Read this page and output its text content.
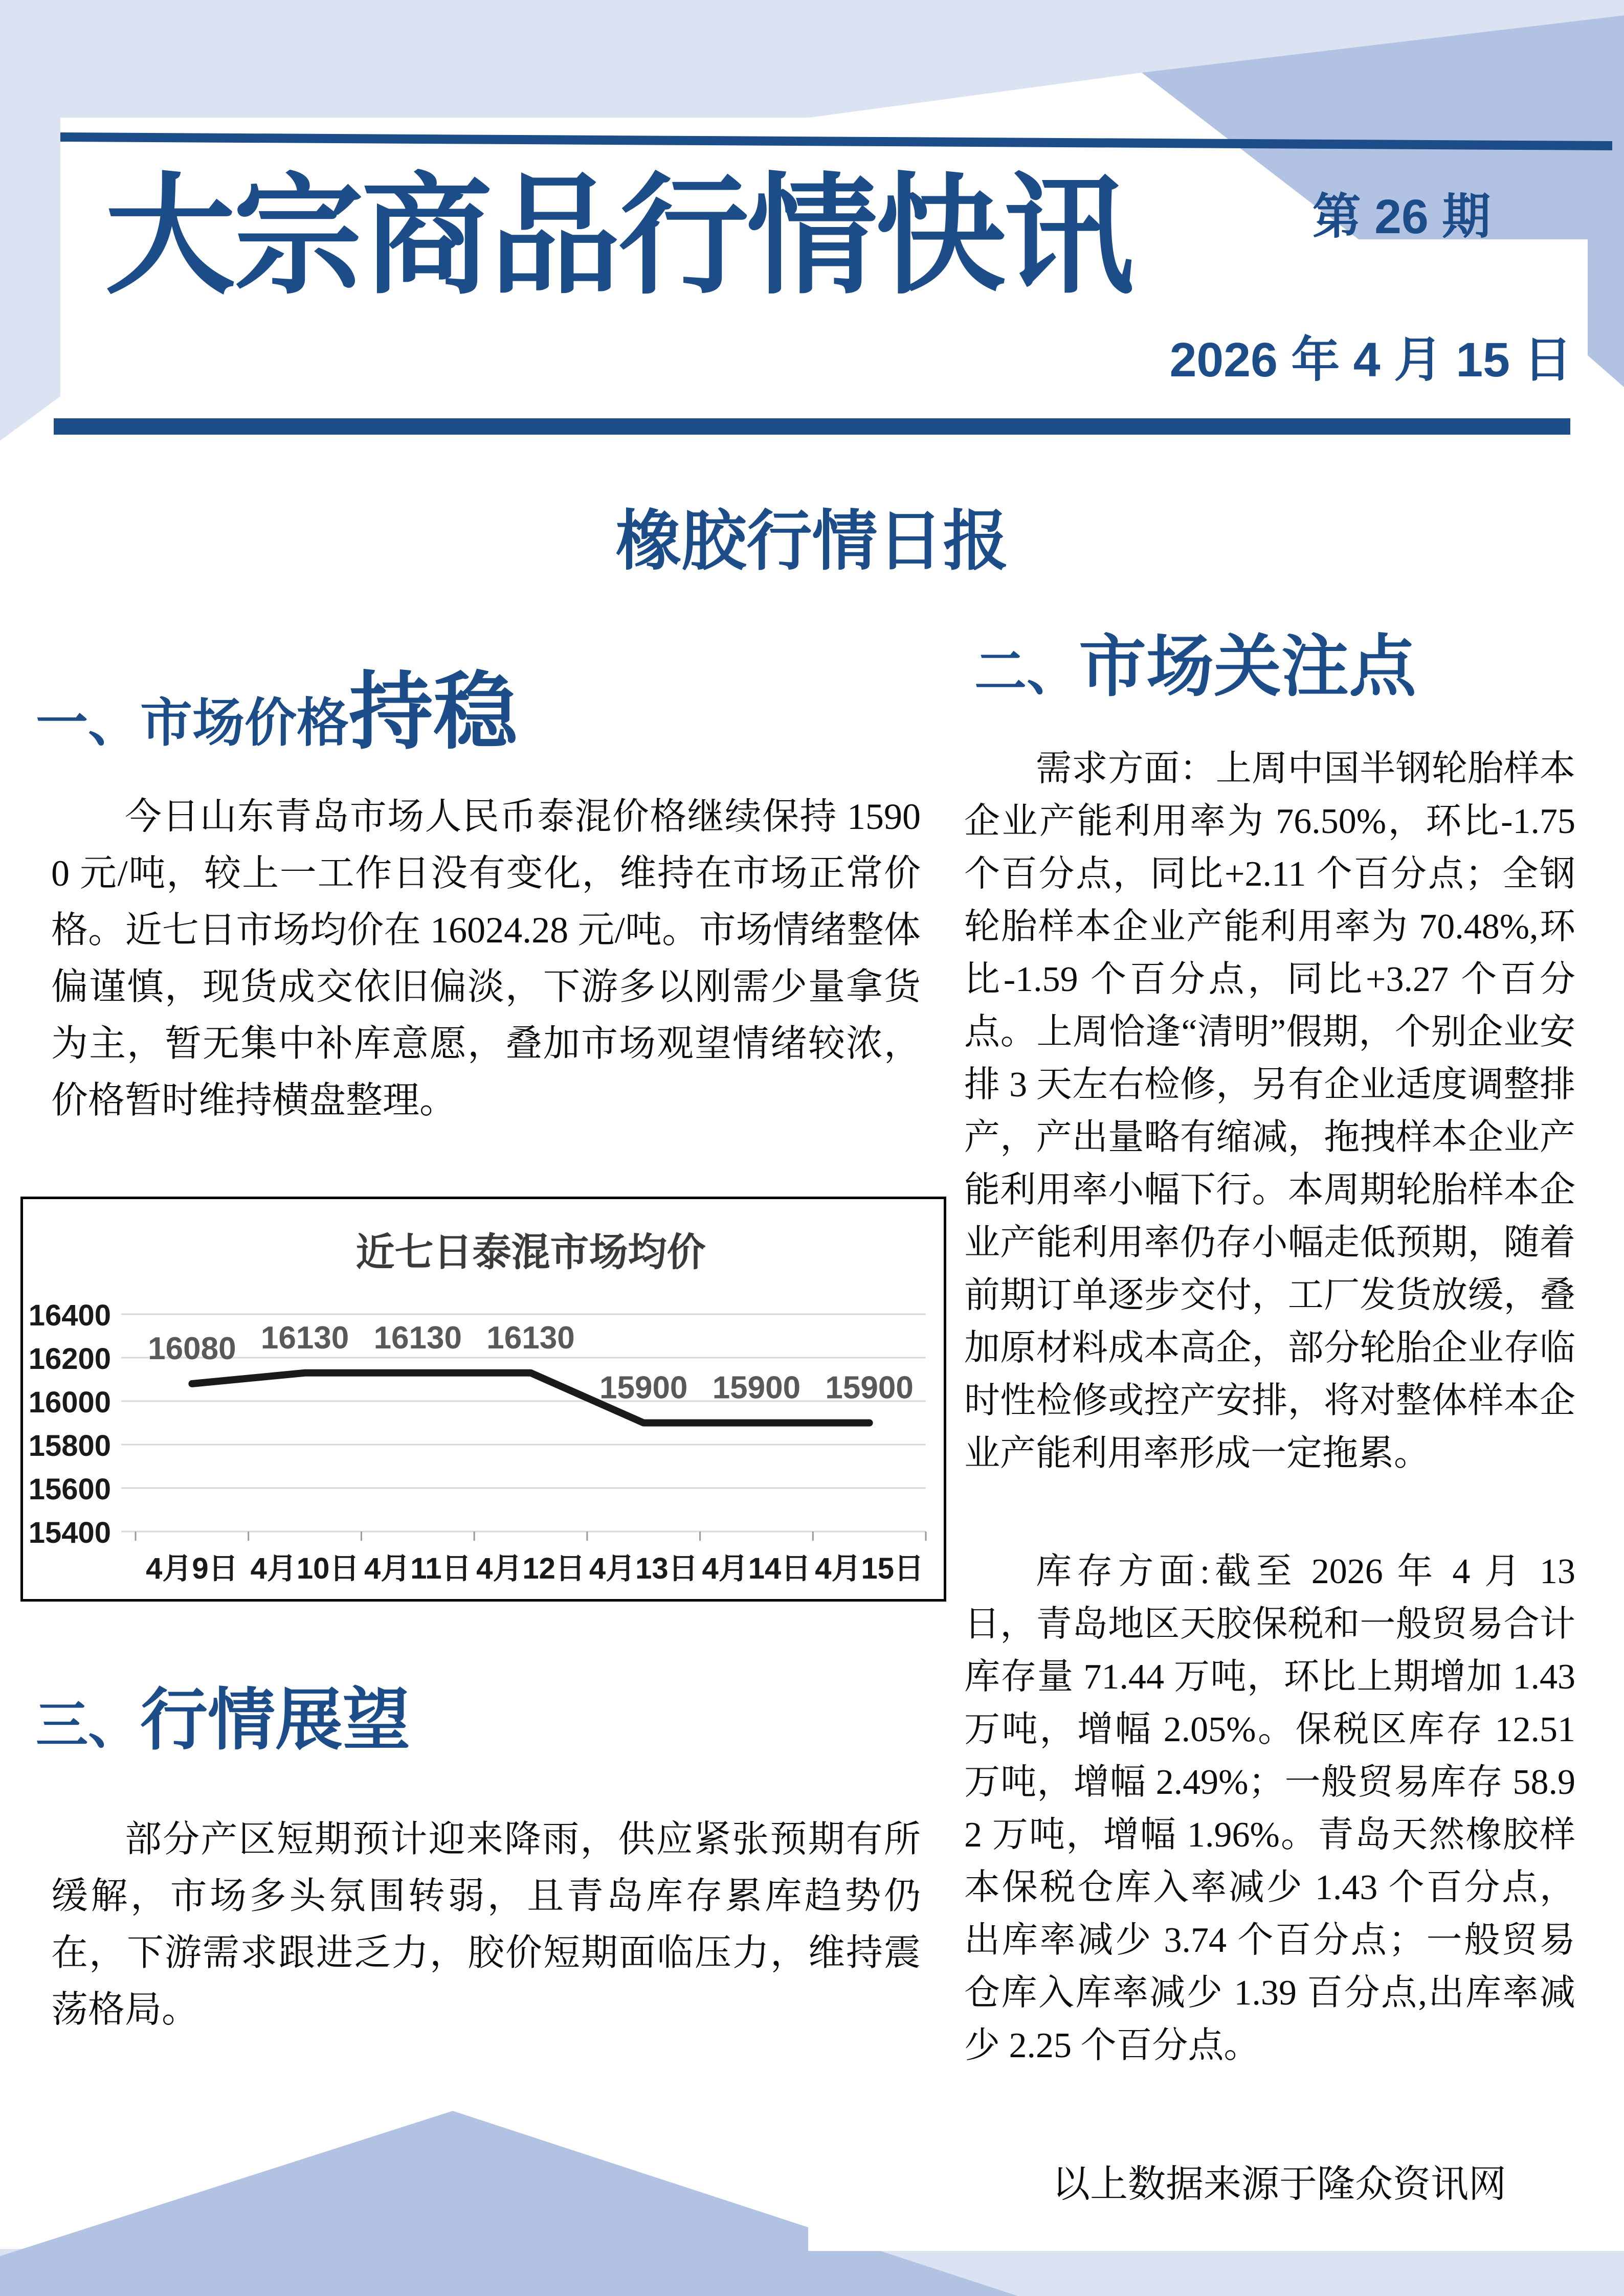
大宗商品行情快讯	第 26 期
2026 年 4 月 15 日
橡胶行情日报
一、市场价格持稳
今日山东青岛市场人民币泰混价格继续保持 15900 元/吨，较上一工作日没有变化，维持在市场正常价格。近七日市场均价在 16024.28 元/吨。市场情绪整体偏谨慎，现货成交依旧偏淡，下游多以刚需少量拿货为主，暂无集中补库意愿，叠加市场观望情绪较浓，价格暂时维持横盘整理。
近七日泰混市场均价
16400
16200
16000
15800
15600
15400
4月9日 4月10日 4月11日 4月12日 4月13日 4月14日 4月15日
16080 16130 16130 16130
15900 15900 15900
三、行情展望
部分产区短期预计迎来降雨，供应紧张预期有所缓解，市场多头氛围转弱，且青岛库存累库趋势仍在，下游需求跟进乏力，胶价短期面临压力，维持震荡格局。
二、市场关注点
需求方面：上周中国半钢轮胎样本企业产能利用率为 76.50%，环比-1.75 个百分点，同比+2.11 个百分点；全钢轮胎样本企业产能利用率为 70.48%,环比-1.59 个百分点，同比+3.27 个百分点。上周恰逢“清明”假期，个别企业安排 3 天左右检修，另有企业适度调整排产，产出量略有缩减，拖拽样本企业产能利用率小幅下行。本周期轮胎样本企业产能利用率仍存小幅走低预期，随着前期订单逐步交付，工厂发货放缓，叠加原材料成本高企，部分轮胎企业存临时性检修或控产安排，将对整体样本企业产能利用率形成一定拖累。
库存方面:截至 2026 年 4 月 13 日，青岛地区天胶保税和一般贸易合计库存量 71.44 万吨，环比上期增加 1.43 万吨，增幅 2.05%。保税区库存 12.51 万吨，增幅 2.49%；一般贸易库存 58.92 万吨，增幅 1.96%。青岛天然橡胶样本保税仓库入率减少 1.43 个百分点，出库率减少 3.74 个百分点；一般贸易仓库入库率减少 1.39 百分点,出库率减少 2.25 个百分点。
以上数据来源于隆众资讯网
